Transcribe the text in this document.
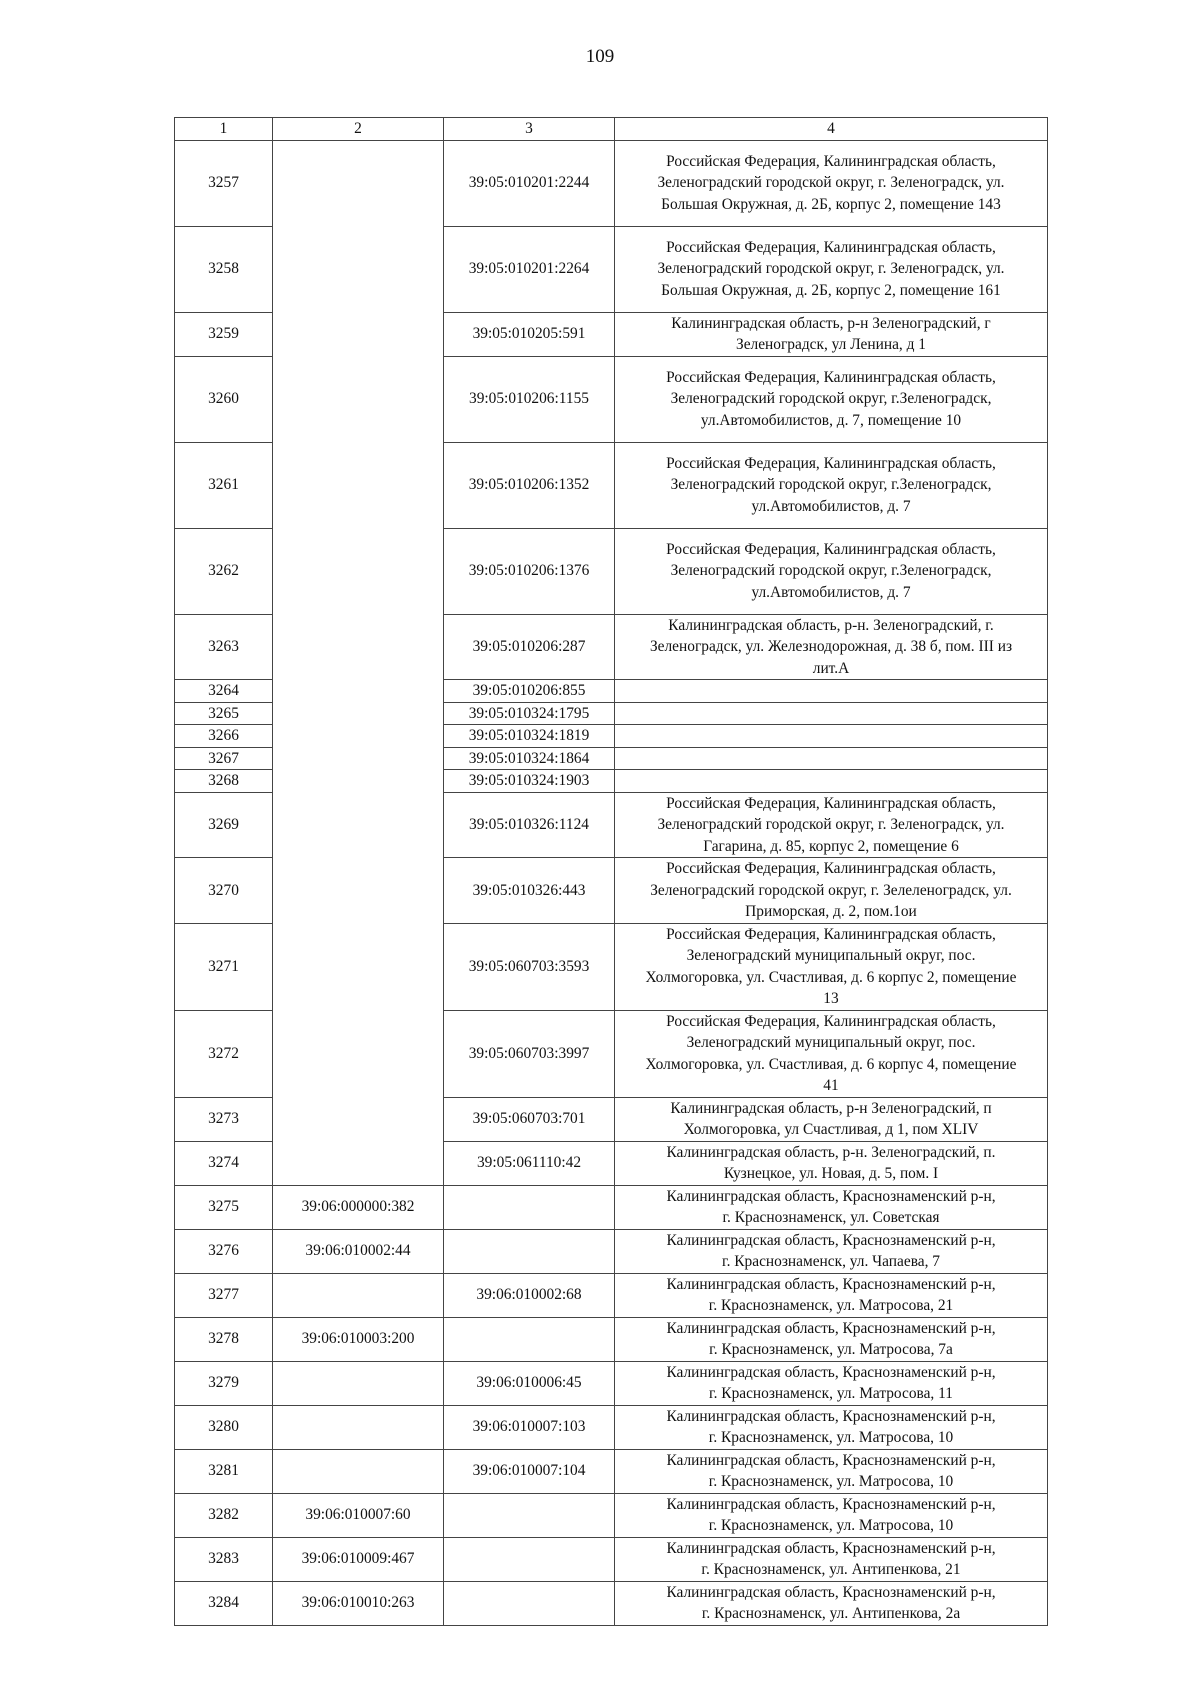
109
1	2	3	4
3257		39:05:010201:2244	Российская Федерация, Калининградская область,
Зеленоградский городской округ, г. Зеленоградск, ул.
Большая Окружная, д. 2Б, корпус 2, помещение 143
3258		39:05:010201:2264	Российская Федерация, Калининградская область,
Зеленоградский городской округ, г. Зеленоградск, ул.
Большая Окружная, д. 2Б, корпус 2, помещение 161
3259		39:05:010205:591	Калининградская область, р-н Зеленоградский, г
Зеленоградск, ул Ленина, д 1
3260		39:05:010206:1155	Российская Федерация, Калининградская область,
Зеленоградский городской округ, г.Зеленоградск,
ул.Автомобилистов, д. 7, помещение 10
3261		39:05:010206:1352	Российская Федерация, Калининградская область,
Зеленоградский городской округ, г.Зеленоградск,
ул.Автомобилистов, д. 7
3262		39:05:010206:1376	Российская Федерация, Калининградская область,
Зеленоградский городской округ, г.Зеленоградск,
ул.Автомобилистов, д. 7
3263		39:05:010206:287	Калининградская область, р-н. Зеленоградский, г.
Зеленоградск, ул. Железнодорожная, д. 38 б, пом. III из
лит.А
3264		39:05:010206:855	
3265		39:05:010324:1795	
3266		39:05:010324:1819	
3267		39:05:010324:1864	
3268		39:05:010324:1903	
3269		39:05:010326:1124	Российская Федерация, Калининградская область,
Зеленоградский городской округ, г. Зеленоградск, ул.
Гагарина, д. 85, корпус 2, помещение 6
3270		39:05:010326:443	Российская Федерация, Калининградская область,
Зеленоградский городской округ, г. Зелеленоградск, ул.
Приморская, д. 2, пом.1ои
3271		39:05:060703:3593	Российская Федерация, Калининградская область,
Зеленоградский муниципальный округ, пос.
Холмогоровка, ул. Счастливая, д. 6 корпус 2, помещение
13
3272		39:05:060703:3997	Российская Федерация, Калининградская область,
Зеленоградский муниципальный округ, пос.
Холмогоровка, ул. Счастливая, д. 6 корпус 4, помещение
41
3273		39:05:060703:701	Калининградская область, р-н Зеленоградский, п
Холмогоровка, ул Счастливая, д 1, пом XLIV
3274		39:05:061110:42	Калининградская область, р-н. Зеленоградский, п.
Кузнецкое, ул. Новая, д. 5, пом. I
3275	39:06:000000:382		Калининградская область, Краснознаменский р-н,
г. Краснознаменск, ул. Советская
3276	39:06:010002:44		Калининградская область, Краснознаменский р-н,
г. Краснознаменск, ул. Чапаева, 7
3277		39:06:010002:68	Калининградская область, Краснознаменский р-н,
г. Краснознаменск, ул. Матросова, 21
3278	39:06:010003:200		Калининградская область, Краснознаменский р-н,
г. Краснознаменск, ул. Матросова, 7а
3279		39:06:010006:45	Калининградская область, Краснознаменский р-н,
г. Краснознаменск, ул. Матросова, 11
3280		39:06:010007:103	Калининградская область, Краснознаменский р-н,
г. Краснознаменск, ул. Матросова, 10
3281		39:06:010007:104	Калининградская область, Краснознаменский р-н,
г. Краснознаменск, ул. Матросова, 10
3282	39:06:010007:60		Калининградская область, Краснознаменский р-н,
г. Краснознаменск, ул. Матросова, 10
3283	39:06:010009:467		Калининградская область, Краснознаменский р-н,
г. Краснознаменск, ул. Антипенкова, 21
3284	39:06:010010:263		Калининградская область, Краснознаменский р-н,
г. Краснознаменск, ул. Антипенкова, 2а
